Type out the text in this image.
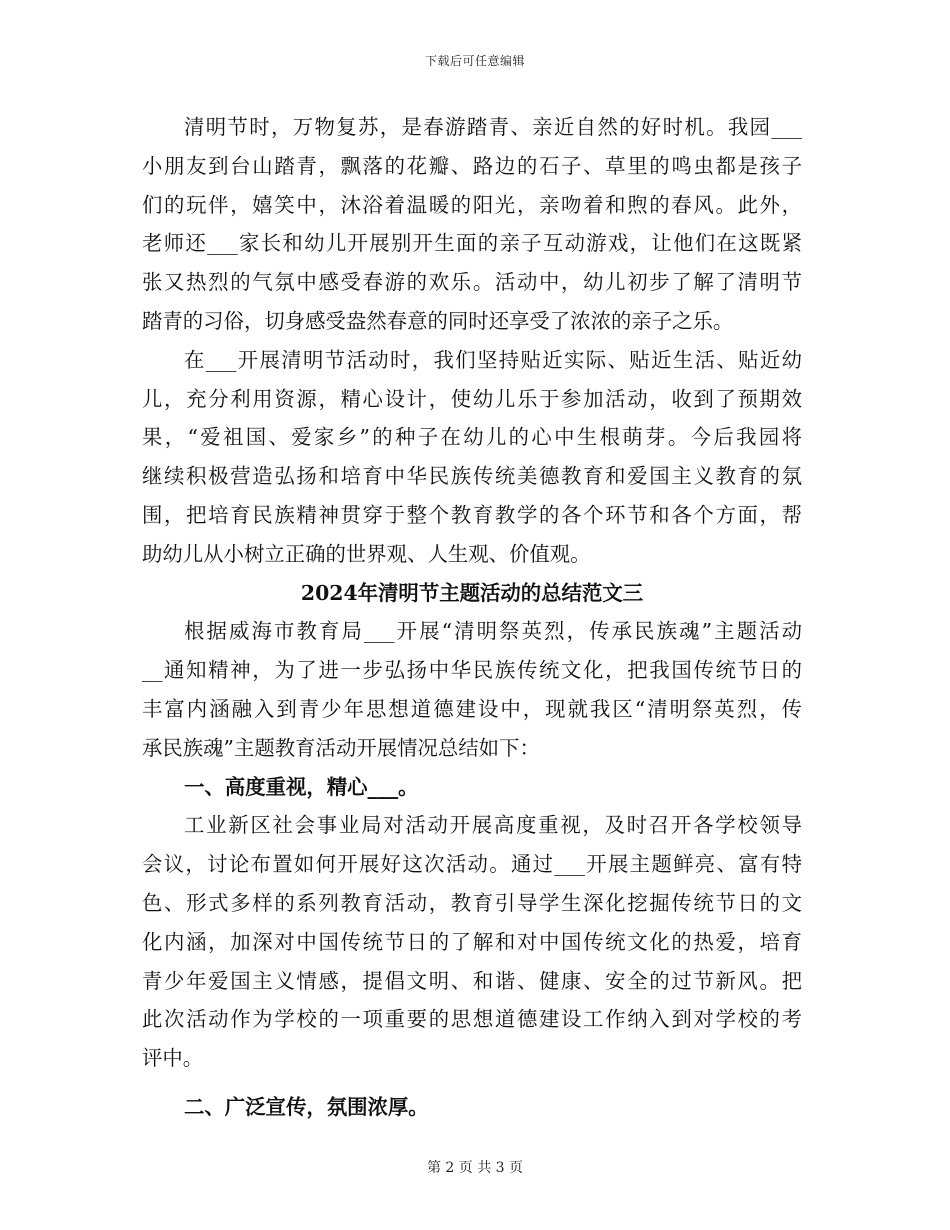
下载后可任意编辑
清明节时，万物复苏，是春游踏青、亲近自然的好时机。我园___
小朋友到台山踏青，飘落的花瓣、路边的石子、草里的鸣虫都是孩子
们的玩伴，嬉笑中，沐浴着温暖的阳光，亲吻着和煦的春风。此外，
老师还___家长和幼儿开展别开生面的亲子互动游戏，让他们在这既紧
张又热烈的气氛中感受春游的欢乐。活动中，幼儿初步了解了清明节
踏青的习俗，切身感受盎然春意的同时还享受了浓浓的亲子之乐。
在___开展清明节活动时，我们坚持贴近实际、贴近生活、贴近幼
儿，充分利用资源，精心设计，使幼儿乐于参加活动，收到了预期效
果，“爱祖国、爱家乡”的种子在幼儿的心中生根萌芽。今后我园将
继续积极营造弘扬和培育中华民族传统美德教育和爱国主义教育的氛
围，把培育民族精神贯穿于整个教育教学的各个环节和各个方面，帮
助幼儿从小树立正确的世界观、人生观、价值观。
2024年清明节主题活动的总结范文三
根据威海市教育局___开展“清明祭英烈，传承民族魂”主题活动
__通知精神，为了进一步弘扬中华民族传统文化，把我国传统节日的
丰富内涵融入到青少年思想道德建设中，现就我区“清明祭英烈，传
承民族魂”主题教育活动开展情况总结如下：
一、高度重视，精心___。
工业新区社会事业局对活动开展高度重视，及时召开各学校领导
会议，讨论布置如何开展好这次活动。通过___开展主题鲜亮、富有特
色、形式多样的系列教育活动，教育引导学生深化挖掘传统节日的文
化内涵，加深对中国传统节日的了解和对中国传统文化的热爱，培育
青少年爱国主义情感，提倡文明、和谐、健康、安全的过节新风。把
此次活动作为学校的一项重要的思想道德建设工作纳入到对学校的考
评中。
二、广泛宣传，氛围浓厚。
第 2 页 共 3 页
